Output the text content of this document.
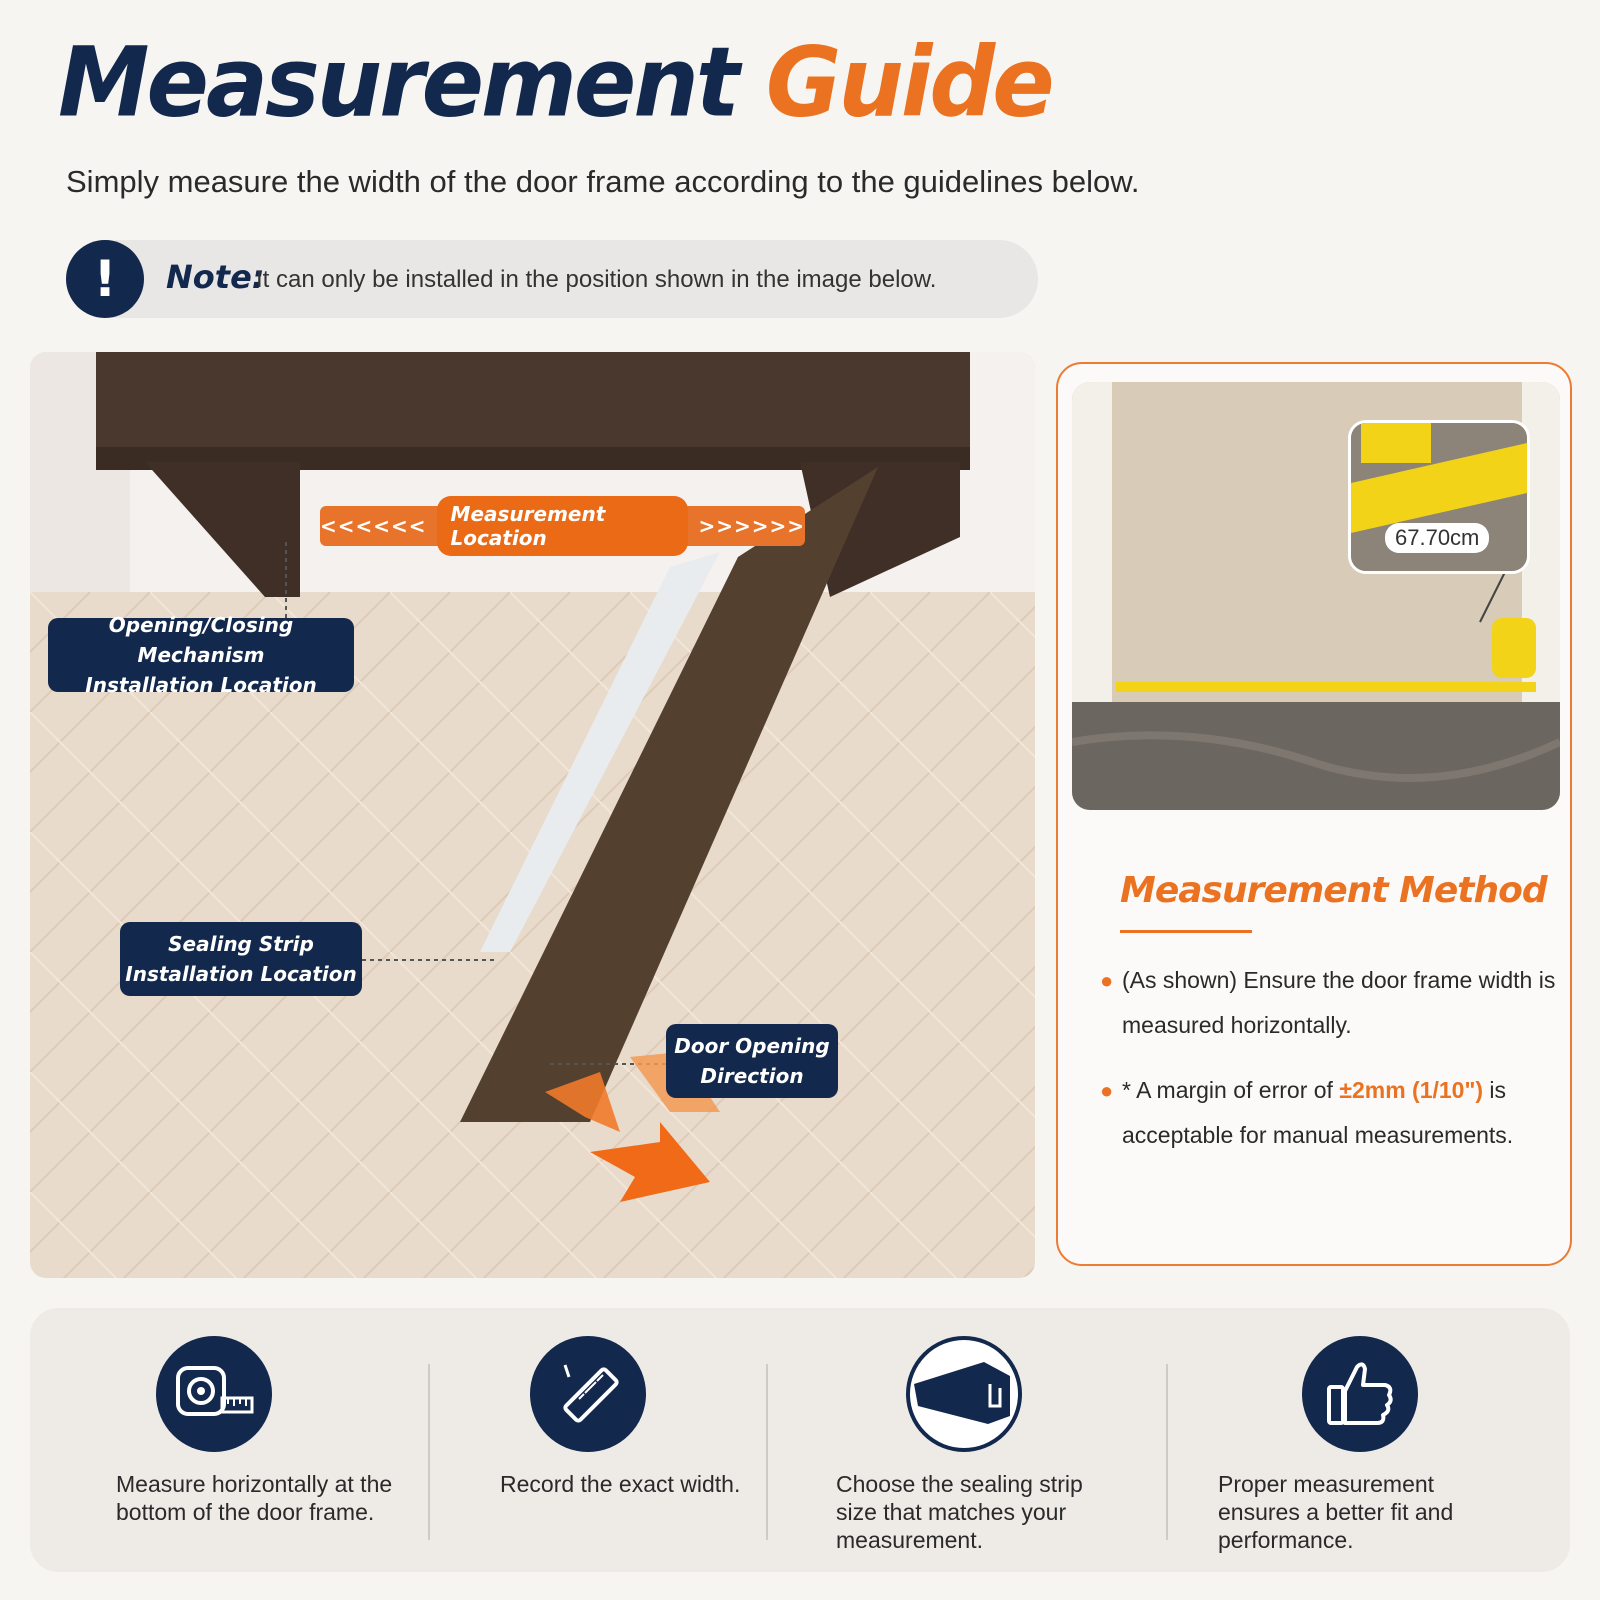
Measurement Guide
Simply measure the width of the door frame according to the guidelines below.
!	Note:
It can only be installed in the position shown in the image below.
<<<<<<	Measurement Location	>>>>>>
Opening/Closing Mechanism
Installation Location
Sealing Strip
Installation Location
Door Opening
Direction
67.70cm
Measurement Method
● (As shown) Ensure the door frame width is measured horizontally.
● * A margin of error of ±2mm (1/10") is acceptable for manual measurements.
Measure horizontally at the bottom of the door frame.
Record the exact width.	Choose the sealing strip size that matches your measurement.
Proper measurement ensures a better fit and performance.
